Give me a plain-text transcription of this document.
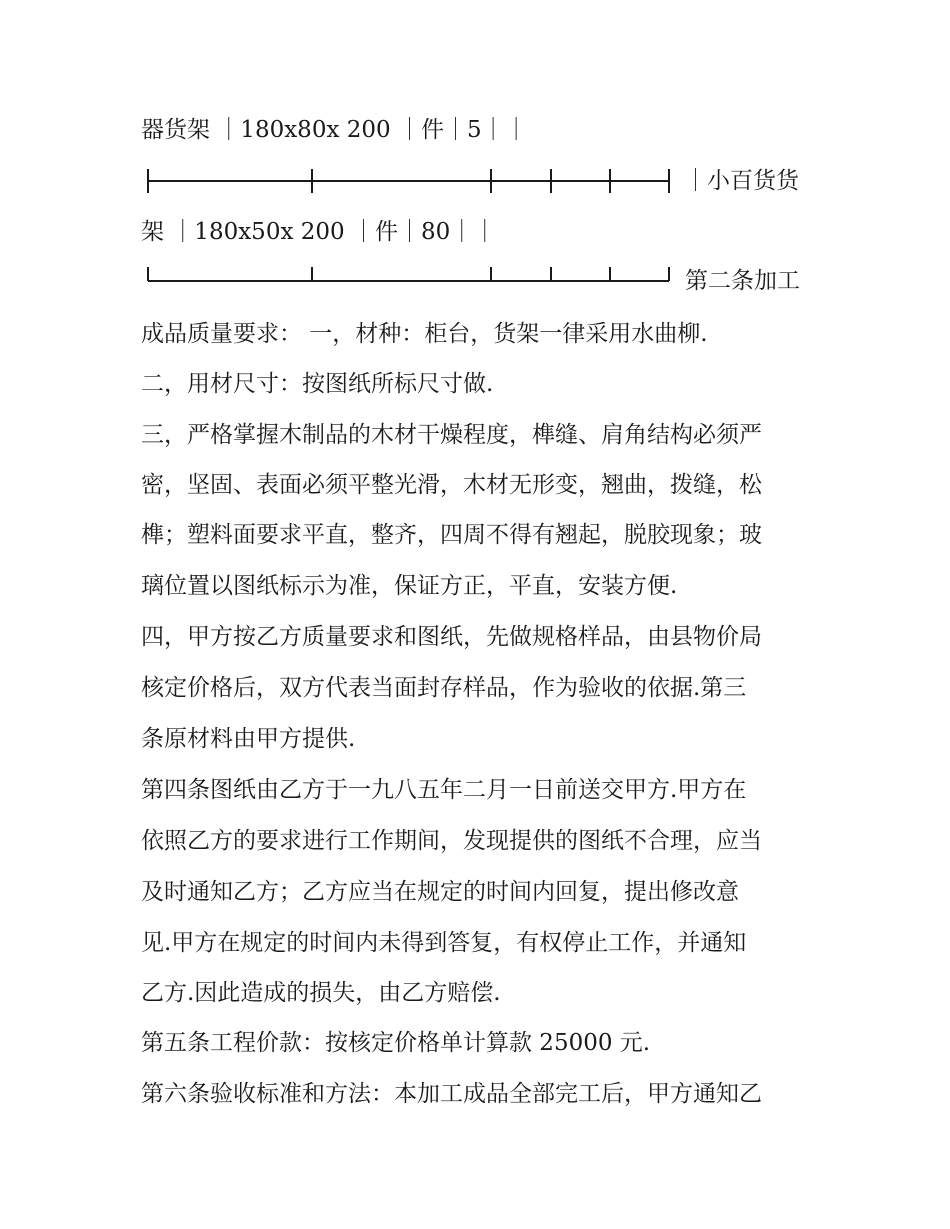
器货架 ｜180x80x 200 ｜件｜5｜｜
｜小百货货
架 ｜180x50x 200 ｜件｜80｜｜
第二条加工
成品质量要求： 一，材种：柜台，货架一律采用水曲柳.
二，用材尺寸：按图纸所标尺寸做.
三，严格掌握木制品的木材干燥程度，榫缝、肩角结构必须严
密，坚固、表面必须平整光滑，木材无形变，翘曲，拨缝，松
榫；塑料面要求平直，整齐，四周不得有翘起，脱胶现象；玻
璃位置以图纸标示为准，保证方正，平直，安装方便.
四，甲方按乙方质量要求和图纸，先做规格样品，由县物价局
核定价格后，双方代表当面封存样品，作为验收的依据.第三
条原材料由甲方提供.
第四条图纸由乙方于一九八五年二月一日前送交甲方.甲方在
依照乙方的要求进行工作期间，发现提供的图纸不合理，应当
及时通知乙方；乙方应当在规定的时间内回复，提出修改意
见.甲方在规定的时间内未得到答复，有权停止工作，并通知
乙方.因此造成的损失，由乙方赔偿.
第五条工程价款：按核定价格单计算款 25000 元.
第六条验收标准和方法：本加工成品全部完工后，甲方通知乙
